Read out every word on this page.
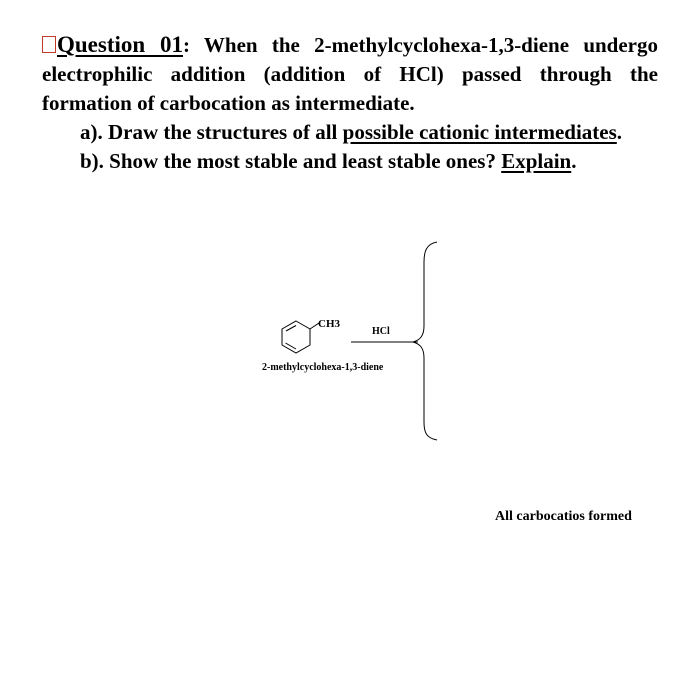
Question 01: When the 2-methylcyclohexa-1,3-diene undergo electrophilic addition (addition of HCl) passed through the formation of carbocation as intermediate.

a). Draw the structures of all possible cationic intermediates.

b). Show the most stable and least stable ones? Explain.

CH3
HCl
2-methylcyclohexa-1,3-diene
All carbocatios formed
